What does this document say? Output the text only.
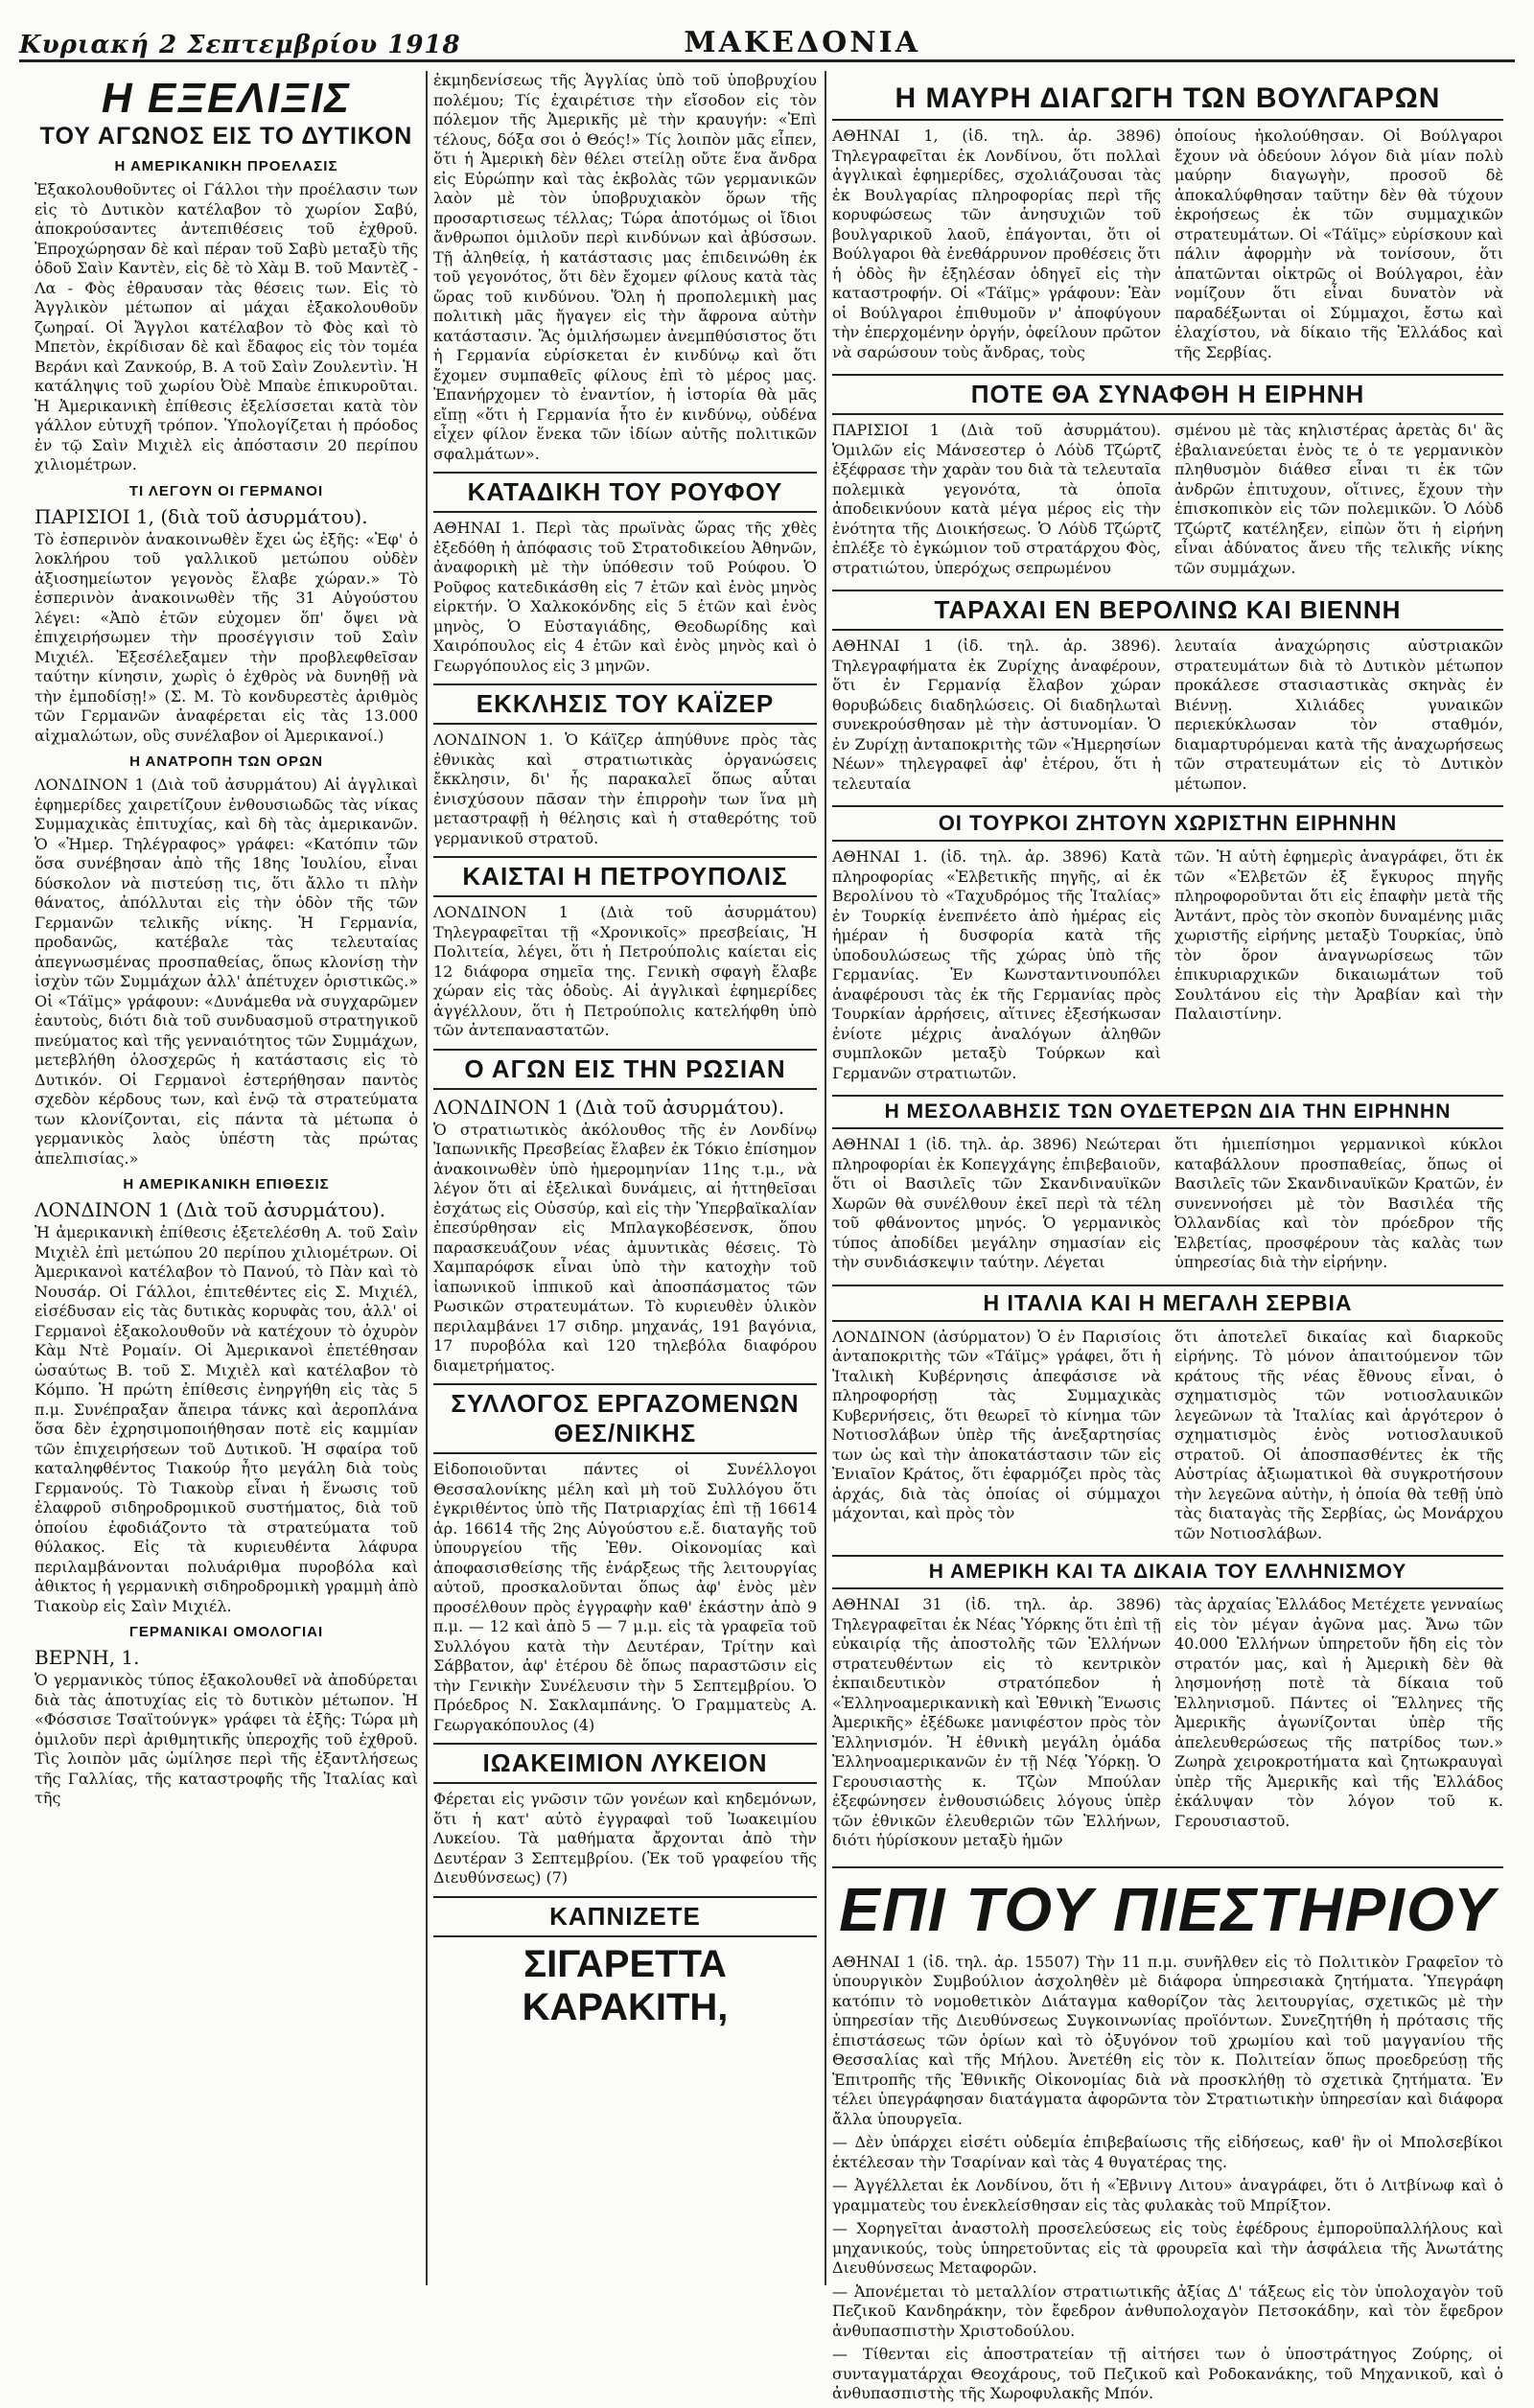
Κυριακή 2 Σεπτεμβρίου 1918	ΜΑΚΕΔΟΝΙΑ
Η ΕΞΕΛΙΞΙΣ
ΤΟΥ ΑΓΩΝΟΣ ΕΙΣ ΤΟ ΔΥΤΙΚΟΝ
Η ΑΜΕΡΙΚΑΝΙΚΗ ΠΡΟΕΛΑΣΙΣ

Ἐξακολουθοῦντες οἱ Γάλλοι τὴν προέλασιν των εἰς τὸ Δυτικὸν κατέλαβον τὸ χωρίον Σαβύ, ἀποκρούσαντες ἀντεπιθέσεις τοῦ ἐχθροῦ. Ἐπροχώρησαν δὲ καὶ πέραν τοῦ Σαβὺ μεταξὺ τῆς ὁδοῦ Σαὶν Καντὲν, εἰς δὲ τὸ Χὰμ Β. τοῦ Μαντὲζ - Λα - Φὸς ἐθραυσαν τὰς θέσεις των. Εἰς τὸ Ἀγγλικὸν μέτωπον αἱ μάχαι ἐξακολουθοῦν ζωηραί. Οἱ Ἄγγλοι κατέλαβον τὸ Φὸς καὶ τὸ Μπετὸν, ἐκρίδισαν δὲ καὶ ἔδαφος εἰς τὸν τομέα Βεράνι καὶ Ζανκούρ, Β. Α τοῦ Σαὶν Ζουλεντὶν. Ἡ κατάληψις τοῦ χωρίου Ὀὺὲ Μπαὺε ἐπικυροῦται. Ἡ Ἀμερικανικὴ ἐπίθεσις ἐξελίσσεται κατὰ τὸν γάλλον εὐτυχῆ τρόπον. Ὑπολογίζεται ἡ πρόοδος ἐν τῷ Σαὶν Μιχιὲλ εἰς ἀπόστασιν 20 περίπου χιλιομέτρων.

ΤΙ ΛΕΓΟΥΝ ΟΙ ΓΕΡΜΑΝΟΙ
ΠΑΡΙΣΙΟΙ 1, (διὰ τοῦ ἀσυρμάτου).

Τὸ ἑσπερινὸν ἀνακοινωθὲν ἔχει ὡς ἑξῆς: «Ἐφ' ὁ λοκλήρου τοῦ γαλλικοῦ μετώπου οὐδὲν ἀξιοσημείωτον γεγονὸς ἔλαβε χώραν.» Τὸ ἑσπερινὸν ἀνακοινωθὲν τῆς 31 Αὐγούστου λέγει: «Ἀπὸ ἐτῶν εὐχομεν ὅπ' ὄψει νὰ ἐπιχειρήσωμεν τὴν προσέγγισιν τοῦ Σαὶν Μιχιέλ. Ἐξεσέλεξαμεν τὴν προβλεφθεῖσαν ταύτην κίνησιν, χωρὶς ὁ ἐχθρὸς νὰ δυνηθῇ νὰ τὴν ἐμποδίσῃ!» (Σ. Μ. Τὸ κονδυρεστὲς ἀριθμὸς τῶν Γερμανῶν ἀναφέρεται εἰς τὰς 13.000 αἰχμαλώτων, οὓς συνέλαβον οἱ Ἀμερικανοί.)

Η ΑΝΑΤΡΟΠΗ ΤΩΝ ΟΡΩΝ

ΛΟΝΔΙΝΟΝ 1 (Διὰ τοῦ ἀσυρμάτου) Αἱ ἀγγλικαὶ ἐφημερίδες χαιρετίζουν ἐνθουσιωδῶς τὰς νίκας Συμμαχικὰς ἐπιτυχίας, καὶ δὴ τὰς ἀμερικανῶν. Ὁ «Ἡμερ. Τηλέγραφος» γράφει: «Κατόπιν τῶν ὅσα συνέβησαν ἀπὸ τῆς 18ης Ἰουλίου, εἶναι δύσκολον νὰ πιστεύσῃ τις, ὅτι ἄλλο τι πλὴν θάνατος, ἀπόλλυται εἰς τὴν ὁδὸν τῆς τῶν Γερμανῶν τελικῆς νίκης. Ἡ Γερμανία, προδανῶς, κατέβαλε τὰς τελευταίας ἀπεγνωσμένας προσπαθείας, ὅπως κλονίσῃ τὴν ἰσχὺν τῶν Συμμάχων ἀλλ' ἀπέτυχεν ὁριστικῶς.» Οἱ «Τάϊμς» γράφουν: «Δυνάμεθα νὰ συγχαρῶμεν ἑαυτοὺς, διότι διὰ τοῦ συνδυασμοῦ στρατηγικοῦ πνεύματος καὶ τῆς γενναιότητος τῶν Συμμάχων, μετεβλήθη ὁλοσχερῶς ἡ κατάστασις εἰς τὸ Δυτικόν. Οἱ Γερμανοὶ ἐστερήθησαν παντὸς σχεδὸν κέρδους των, καὶ ἐνῷ τὰ στρατεύματα των κλονίζονται, εἰς πάντα τὰ μέτωπα ὁ γερμανικὸς λαὸς ὑπέστη τὰς πρώτας ἀπελπισίας.»

Η ΑΜΕΡΙΚΑΝΙΚΗ ΕΠΙΘΕΣΙΣ
ΛΟΝΔΙΝΟΝ 1 (Διὰ τοῦ ἀσυρμάτου).

Ἡ ἀμερικανικὴ ἐπίθεσις ἐξετελέσθη Α. τοῦ Σαὶν Μιχιὲλ ἐπὶ μετώπου 20 περίπου χιλιομέτρων. Οἱ Ἀμερικανοὶ κατέλαβον τὸ Πανού, τὸ Πὰν καὶ τὸ Νουσάρ. Οἱ Γάλλοι, ἐπιτεθέντες εἰς Σ. Μιχιέλ, εἰσέδυσαν εἰς τὰς δυτικὰς κορυφὰς του, ἀλλ' οἱ Γερμανοὶ ἐξακολουθοῦν νὰ κατέχουν τὸ ὀχυρὸν Κὰμ Ντὲ Ρομαίν. Οἱ Ἀμερικανοὶ ἐπετέθησαν ὡσαύτως Β. τοῦ Σ. Μιχιὲλ καὶ κατέλαβον τὸ Κόμπο. Ἡ πρώτη ἐπίθεσις ἐνηργήθη εἰς τὰς 5 π.μ. Συνέπραξαν ἄπειρα τάνκς καὶ ἀεροπλάνα ὅσα δὲν ἐχρησιμοποιήθησαν ποτὲ εἰς καμμίαν τῶν ἐπιχειρήσεων τοῦ Δυτικοῦ. Ἡ σφαίρα τοῦ καταληφθέντος Τιακούρ ἦτο μεγάλη διὰ τοὺς Γερμανούς. Τὸ Τιακοὺρ εἶναι ἡ ἕνωσις τοῦ ἐλαφροῦ σιδηροδρομικοῦ συστήματος, διὰ τοῦ ὁποίου ἐφοδιάζοντο τὰ στρατεύματα τοῦ θύλακος. Εἰς τὰ κυριευθέντα λάφυρα περιλαμβάνονται πολυάριθμα πυροβόλα καὶ ἀθικτος ἡ γερμανικὴ σιδηροδρομικὴ γραμμὴ ἀπὸ Τιακοὺρ εἰς Σαὶν Μιχιέλ.

ΓΕΡΜΑΝΙΚΑΙ ΟΜΟΛΟΓΙΑΙ
ΒΕΡΝΗ, 1.

Ὁ γερμανικὸς τύπος ἐξακολουθεῖ νὰ ἀποδύρεται διὰ τὰς ἀποτυχίας εἰς τὸ δυτικὸν μέτωπον. Ἡ «Φόσσισε Τσαϊτούνγκ» γράφει τὰ ἑξῆς: Τώρα μὴ ὁμιλοῦν περὶ ἀριθμητικῆς ὑπεροχῆς τοῦ ἐχθροῦ. Τὶς λοιπὸν μᾶς ὡμίλησε περὶ τῆς ἐξαντλήσεως τῆς Γαλλίας, τῆς καταστροφῆς τῆς Ἰταλίας καὶ τῆς

ἐκμηδενίσεως τῆς Ἀγγλίας ὑπὸ τοῦ ὑποβρυχίου πολέμου; Τίς ἐχαιρέτισε τὴν εἴσοδον εἰς τὸν πόλεμον τῆς Ἀμερικῆς μὲ τὴν κραυγήν: «Ἐπὶ τέλους, δόξα σοι ὁ Θεός!» Τίς λοιπὸν μᾶς εἶπεν, ὅτι ἡ Ἀμερικὴ δὲν θέλει στείλῃ οὔτε ἕνα ἄνδρα εἰς Εὐρώπην καὶ τὰς ἐκβολὰς τῶν γερμανικῶν λαὸν μὲ τὸν ὑποβρυχιακὸν ὅρων τῆς προσαρτισεως τέλλας; Τώρα ἀποτόμως οἱ ἴδιοι ἄνθρωποι ὁμιλοῦν περὶ κινδύνων καὶ ἀβύσσων. Τῇ ἀληθείᾳ, ἡ κατάστασις μας ἐπιδεινώθη ἐκ τοῦ γεγονότος, ὅτι δὲν ἔχομεν φίλους κατὰ τὰς ὥρας τοῦ κινδύνου. Ὅλη ἡ προπολεμικὴ μας πολιτικὴ μᾶς ἤγαγεν εἰς τὴν ἄφρονα αὐτὴν κατάστασιν. Ἂς ὁμιλήσωμεν ἀνεμπθύσιστος ὅτι ἡ Γερμανία εὑρίσκεται ἐν κινδύνῳ καὶ ὅτι ἔχομεν συμπαθεῖς φίλους ἐπὶ τὸ μέρος μας. Ἐπανήρχομεν τὸ ἐναντίον, ἡ ἱστορία θὰ μᾶς εἴπῃ «ὅτι ἡ Γερμανία ἦτο ἐν κινδύνῳ, οὐδένα εἶχεν φίλον ἕνεκα τῶν ἰδίων αὐτῆς πολιτικῶν σφαλμάτων».

ΚΑΤΑΔΙΚΗ ΤΟΥ ΡΟΥΦΟΥ

ΑΘΗΝΑΙ 1. Περὶ τὰς πρωϊνὰς ὥρας τῆς χθὲς ἐξεδόθη ἡ ἀπόφασις τοῦ Στρατοδικείου Ἀθηνῶν, ἀναφορικὴ μὲ τὴν ὑπόθεσιν τοῦ Ρούφου. Ὁ Ροῦφος κατεδικάσθη εἰς 7 ἐτῶν καὶ ἑνὸς μηνὸς εἱρκτήν. Ὁ Χαλκοκόνδης εἰς 5 ἐτῶν καὶ ἑνὸς μηνὸς, Ὁ Εὐσταγιάδης, Θεοδωρίδης καὶ Χαιρόπουλος εἰς 4 ἐτῶν καὶ ἑνὸς μηνὸς καὶ ὁ Γεωργόπουλος εἰς 3 μηνῶν.

ΕΚΚΛΗΣΙΣ ΤΟΥ ΚΑΪΖΕΡ

ΛΟΝΔΙΝΟΝ 1. Ὁ Κάϊζερ ἀπηύθυνε πρὸς τὰς ἐθνικὰς καὶ στρατιωτικὰς ὀργανώσεις ἔκκλησιν, δι' ἧς παρακαλεῖ ὅπως αὗται ἐνισχύσουν πᾶσαν τὴν ἐπιρροὴν των ἵνα μὴ μεταστραφῇ ἡ θέλησις καὶ ἡ σταθερότης τοῦ γερμανικοῦ στρατοῦ.

ΚΑΙΣΤΑΙ Η ΠΕΤΡΟΥΠΟΛΙΣ

ΛΟΝΔΙΝΟΝ 1 (Διὰ τοῦ ἀσυρμάτου) Τηλεγραφεῖται τῇ «Χρονικοῖς» πρεσβείαις, Ἡ Πολιτεία, λέγει, ὅτι ἡ Πετρούπολις καίεται εἰς 12 διάφορα σημεῖα της. Γενικὴ σφαγὴ ἔλαβε χώραν εἰς τὰς ὁδοὺς. Αἱ ἀγγλικαὶ ἐφημερίδες ἀγγέλλουν, ὅτι ἡ Πετρούπολις κατελήφθη ὑπὸ τῶν ἀντεπαναστατῶν.

Ο ΑΓΩΝ ΕΙΣ ΤΗΝ ΡΩΣΙΑΝ
ΛΟΝΔΙΝΟΝ 1 (Διὰ τοῦ ἀσυρμάτου).

Ὁ στρατιωτικὸς ἀκόλουθος τῆς ἐν Λονδίνῳ Ἰαπωνικῆς Πρεσβείας ἔλαβεν ἐκ Τόκιο ἐπίσημον ἀνακοινωθὲν ὑπὸ ἡμερομηνίαν 11ης τ.μ., νὰ λέγον ὅτι αἱ ἐξελικαὶ δυνάμεις, αἱ ἡττηθεῖσαι ἐσχάτως εἰς Οὐσσύρ, καὶ εἰς τὴν Ὑπερβαϊκαλίαν ἐπεσύρθησαν εἰς Μπλαγκοβέσενσκ, ὅπου παρασκευάζουν νέας ἀμυντικὰς θέσεις. Τὸ Χαμπαρόφσκ εἶναι ὑπὸ τὴν κατοχὴν τοῦ ἰαπωνικοῦ ἱππικοῦ καὶ ἀποσπάσματος τῶν Ρωσικῶν στρατευμάτων. Τὸ κυριευθὲν ὑλικὸν περιλαμβάνει 17 σιδηρ. μηχανάς, 191 βαγόνια, 17 πυροβόλα καὶ 120 τηλεβόλα διαφόρου διαμετρήματος.

ΣΥΛΛΟΓΟΣ ΕΡΓΑΖΟΜΕΝΩΝ ΘΕΣ/ΝΙΚΗΣ

Εἰδοποιοῦνται πάντες οἱ Συνέλλογοι Θεσσαλονίκης μέλη καὶ μὴ τοῦ Συλλόγου ὅτι ἐγκριθέντος ὑπὸ τῆς Πατριαρχίας ἐπὶ τῇ 16614 ἀρ. 16614 τῆς 2ης Αὐγούστου ε.ἔ. διαταγῆς τοῦ ὑπουργείου τῆς Ἐθν. Οἰκονομίας καὶ ἀποφασισθείσης τῆς ἐνάρξεως τῆς λειτουργίας αὐτοῦ, προσκαλοῦνται ὅπως ἀφ' ἑνὸς μὲν προσέλθουν πρὸς ἐγγραφὴν καθ' ἑκάστην ἀπὸ 9 π.μ. — 12 καὶ ἀπὸ 5 — 7 μ.μ. εἰς τὰ γραφεῖα τοῦ Συλλόγου κατὰ τὴν Δευτέραν, Τρίτην καὶ Σάββατον, ἀφ' ἑτέρου δὲ ὅπως παραστῶσιν εἰς τὴν Γενικὴν Συνέλευσιν τὴν 5 Σεπτεμβρίου. Ὁ Πρόεδρος Ν. Σακλαμπάνης. Ὁ Γραμματεὺς Α. Γεωργακόπουλος (4)

ΙΩΑΚΕΙΜΙΟΝ ΛΥΚΕΙΟΝ

Φέρεται εἰς γνῶσιν τῶν γονέων καὶ κηδεμόνων, ὅτι ἡ κατ' αὐτὸ ἐγγραφαὶ τοῦ Ἰωακειμίου Λυκείου. Τὰ μαθήματα ἄρχονται ἀπὸ τὴν Δευτέραν 3 Σεπτεμβρίου. (Ἐκ τοῦ γραφείου τῆς Διευθύνσεως) (7)

ΚΑΠΝΙΖΕΤΕ
ΣΙΓΑΡΕΤΤΑ ΚΑΡΑΚΙΤΗ,
Η ΜΑΥΡΗ ΔΙΑΓΩΓΗ ΤΩΝ ΒΟΥΛΓΑΡΩΝ

ΑΘΗΝΑΙ 1, (ἰδ. τηλ. ἀρ. 3896) Τηλεγραφεῖται ἐκ Λονδίνου, ὅτι πολλαὶ ἀγγλικαὶ ἐφημερίδες, σχολιάζουσαι τὰς ἐκ Βουλγαρίας πληροφορίας περὶ τῆς κορυφώσεως τῶν ἀνησυχιῶν τοῦ βουλγαρικοῦ λαοῦ, ἐπάγονται, ὅτι οἱ Βούλγαροι θὰ ἐνεθάρρυνον προθέσεις ὅτι ἡ ὁδὸς ἣν ἐξηλέσαν ὁδηγεῖ εἰς τὴν καταστροφήν. Οἱ «Τάϊμς» γράφουν: Ἐὰν οἱ Βούλγαροι ἐπιθυμοῦν ν' ἀποφύγουν τὴν ἐπερχομένην ὀργήν, ὀφείλουν πρῶτον νὰ σαρώσουν τοὺς ἄνδρας, τοὺς

ὁποίους ἠκολούθησαν. Οἱ Βούλγαροι ἔχουν νὰ ὁδεύουν λόγον διὰ μίαν πολὺ μαύρην διαγωγὴν, προσοῦ δὲ ἀποκαλύφθησαν ταῦτην δὲν θὰ τύχουν ἐκροήσεως ἐκ τῶν συμμαχικῶν στρατευμάτων. Οἱ «Τάϊμς» εὑρίσκουν καὶ πάλιν ἀφορμὴν νὰ τονίσουν, ὅτι ἀπατῶνται οἰκτρῶς οἱ Βούλγαροι, ἐὰν νομίζουν ὅτι εἶναι δυνατὸν νὰ παραδέξωνται οἱ Σύμμαχοι, ἔστω καὶ ἐλαχίστου, νὰ δίκαιο τῆς Ἑλλάδος καὶ τῆς Σερβίας.

ΠΟΤΕ ΘΑ ΣΥΝΑΦΘΗ Η ΕΙΡΗΝΗ

ΠΑΡΙΣΙΟΙ 1 (Διὰ τοῦ ἀσυρμάτου). Ὁμιλῶν εἰς Μάνσεστερ ὁ Λόὺδ Τζώρτζ ἐξέφρασε τὴν χαρὰν του διὰ τὰ τελευταῖα πολεμικὰ γεγονότα, τὰ ὁποῖα ἀποδεικνύουν κατὰ μέγα μέρος εἰς τὴν ἑνότητα τῆς Διοικήσεως. Ὁ Λόὺδ Τζώρτζ ἐπλέξε τὸ ἐγκώμιον τοῦ στρατάρχου Φὸς, στρατιώτου, ὑπερόχως σεπρωμένου

σμένου μὲ τὰς κηλιστέρας ἀρετὰς δι' ἃς ἐβαλιανεύεται ἐνὸς τε ὁ τε γερμανικὸν πληθυσμὸν διάθεσ εἶναι τι ἐκ τῶν ἀνδρῶν ἐπιτυχουν, οἵτινες, ἔχουν τὴν ἐπισκοπικὸν εἰς τῶν πολεμικῶν. Ὁ Λόὺδ Τζώρτζ κατέληξεν, εἰπὼν ὅτι ἡ εἰρήνη εἶναι ἀδύνατος ἄνευ τῆς τελικῆς νίκης τῶν συμμάχων.

ΤΑΡΑΧΑΙ ΕΝ ΒΕΡΟΛΙΝΩ ΚΑΙ ΒΙΕΝΝΗ

ΑΘΗΝΑΙ 1 (ἰδ. τηλ. ἀρ. 3896). Τηλεγραφήματα ἐκ Ζυρίχης ἀναφέρουν, ὅτι ἐν Γερμανίᾳ ἔλαβον χώραν θορυβώδεις διαδηλώσεις. Οἱ διαδηλωταὶ συνεκρούσθησαν μὲ τὴν ἀστυνομίαν. Ὁ ἐν Ζυρίχῃ ἀνταποκριτὴς τῶν «Ἡμερησίων Νέων» τηλεγραφεῖ ἀφ' ἑτέρου, ὅτι ἡ τελευταία

λευταία ἀναχώρησις αὐστριακῶν στρατευμάτων διὰ τὸ Δυτικὸν μέτωπον προκάλεσε στασιαστικὰς σκηνὰς ἐν Βιέννῃ. Χιλιάδες γυναικῶν περιεκύκλωσαν τὸν σταθμόν, διαμαρτυρόμεναι κατὰ τῆς ἀναχωρήσεως τῶν στρατευμάτων εἰς τὸ Δυτικὸν μέτωπον.

ΟΙ ΤΟΥΡΚΟΙ ΖΗΤΟΥΝ ΧΩΡΙΣΤΗΝ ΕΙΡΗΝΗΝ

ΑΘΗΝΑΙ 1. (ἰδ. τηλ. ἀρ. 3896) Κατὰ πληροφορίας «Ἑλβετικῆς πηγῆς, αἱ ἐκ Βερολίνου τὸ «Ταχυδρόμος τῆς Ἰταλίας» ἐν Τουρκίᾳ ἐνεπνέετο ἀπὸ ἡμέρας εἰς ἡμέραν ἡ δυσφορία κατὰ τῆς ὑποδουλώσεως τῆς χώρας ὑπὸ τῆς Γερμανίας. Ἐν Κωνσταντινουπόλει ἀναφέρουσι τὰς ἐκ τῆς Γερμανίας πρὸς Τουρκίαν ἀρρήσεις, αἵτινες ἐξεσήκωσαν ἐνίοτε μέχρις ἀναλόγων ἀληθῶν συμπλοκῶν μεταξὺ Τούρκων καὶ Γερμανῶν στρατιωτῶν.

τῶν. Ἡ αὐτὴ ἐφημερὶς ἀναγράφει, ὅτι ἐκ τῶν «Ἑλβετῶν ἐξ ἔγκυρος πηγῆς πληροφοροῦνται ὅτι εἰς ἐπαφὴν μετὰ τῆς Ἀντάντ, πρὸς τὸν σκοπὸν δυναμένης μιᾶς χωριστῆς εἰρήνης μεταξὺ Τουρκίας, ὑπὸ τὸν ὅρον ἀναγνωρίσεως τῶν ἐπικυριαρχικῶν δικαιωμάτων τοῦ Σουλτάνου εἰς τὴν Ἀραβίαν καὶ τὴν Παλαιστίνην.

Η ΜΕΣΟΛΑΒΗΣΙΣ ΤΩΝ ΟΥΔΕΤΕΡΩΝ ΔΙΑ ΤΗΝ ΕΙΡΗΝΗΝ

ΑΘΗΝΑΙ 1 (ἰδ. τηλ. ἀρ. 3896) Νεώτεραι πληροφορίαι ἐκ Κοπεγχάγης ἐπιβεβαιοῦν, ὅτι οἱ Βασιλεῖς τῶν Σκανδιναυϊκῶν Χωρῶν θὰ συνέλθουν ἐκεῖ περὶ τὰ τέλη τοῦ φθάνοντος μηνός. Ὁ γερμανικὸς τύπος ἀποδίδει μεγάλην σημασίαν εἰς τὴν συνδιάσκεψιν ταύτην. Λέγεται

ὅτι ἡμιεπίσημοι γερμανικοὶ κύκλοι καταβάλλουν προσπαθείας, ὅπως οἱ Βασιλεῖς τῶν Σκανδιναυϊκῶν Κρατῶν, ἐν συνεννοήσει μὲ τὸν Βασιλέα τῆς Ὀλλανδίας καὶ τὸν πρόεδρον τῆς Ἑλβετίας, προσφέρουν τὰς καλὰς των ὑπηρεσίας διὰ τὴν εἰρήνην.

Η ΙΤΑΛΙΑ ΚΑΙ Η ΜΕΓΑΛΗ ΣΕΡΒΙΑ

ΛΟΝΔΙΝΟΝ (ἀσύρματον) Ὁ ἐν Παρισίοις ἀνταποκριτὴς τῶν «Τάϊμς» γράφει, ὅτι ἡ Ἰταλικὴ Κυβέρνησις ἀπεφάσισε νὰ πληροφορήσῃ τὰς Συμμαχικὰς Κυβερνήσεις, ὅτι θεωρεῖ τὸ κίνημα τῶν Νοτιοσλάβων ὑπὲρ τῆς ἀνεξαρτησίας των ὡς καὶ τὴν ἀποκατάστασιν τῶν εἰς Ἑνιαῖον Κράτος, ὅτι ἐφαρμόζει πρὸς τὰς ἀρχάς, διὰ τὰς ὁποίας οἱ σύμμαχοι μάχονται, καὶ πρὸς τὸν

ὅτι ἀποτελεῖ δικαίας καὶ διαρκοῦς εἰρήνης. Τὸ μόνον ἀπαιτούμενον τῶν κράτους τῆς νέας ἔθνους εἶναι, ὁ σχηματισμὸς τῶν νοτιοσλαυικῶν λεγεῶνων τὰ Ἰταλίας καὶ ἀργότερον ὁ σχηματισμὸς ἑνὸς νοτιοσλαυικοῦ στρατοῦ. Οἱ ἀποσπασθέντες ἐκ τῆς Αὐστρίας ἀξιωματικοὶ θὰ συγκροτήσουν τὴν λεγεῶνα αὐτὴν, ἡ ὁποία θὰ τεθῇ ὑπὸ τὰς διαταγὰς τῆς Σερβίας, ὡς Μονάρχου τῶν Νοτιοσλάβων.

Η ΑΜΕΡΙΚΗ ΚΑΙ ΤΑ ΔΙΚΑΙΑ ΤΟΥ ΕΛΛΗΝΙΣΜΟΥ

ΑΘΗΝΑΙ 31 (ἰδ. τηλ. ἀρ. 3896) Τηλεγραφεῖται ἐκ Νέας Ὑόρκης ὅτι ἐπὶ τῇ εὐκαιρίᾳ τῆς ἀποστολῆς τῶν Ἑλλήνων στρατευθέντων εἰς τὸ κεντρικὸν ἐκπαιδευτικὸν στρατόπεδον ἡ «Ἑλληνοαμερικανικὴ καὶ Ἐθνικὴ Ἕνωσις Ἀμερικῆς» ἐξέδωκε μανιφέστον πρὸς τὸν Ἑλληνισμόν. Ἡ ἐθνικὴ μεγάλη ὁμάδα Ἑλληνοαμερικανῶν ἐν τῇ Νέᾳ Ὑόρκῃ. Ὁ Γερουσιαστὴς κ. Τζὼν Μπούλαν ἐξεφώνησεν ἐνθουσιώδεις λόγους ὑπὲρ τῶν ἐθνικῶν ἐλευθεριῶν τῶν Ἑλλήνων, διότι ἠύρίσκουν μεταξὺ ἡμῶν

τὰς ἀρχαίας Ἑλλάδος Μετέχετε γενναίως εἰς τὸν μέγαν ἀγῶνα μας. Ἄνω τῶν 40.000 Ἑλλήνων ὑπηρετοῦν ἤδη εἰς τὸν στρατόν μας, καὶ ἡ Ἀμερικὴ δὲν θὰ λησμονήσῃ ποτὲ τὰ δίκαια τοῦ Ἑλληνισμοῦ. Πάντες οἱ Ἕλληνες τῆς Ἀμερικῆς ἀγωνίζονται ὑπὲρ τῆς ἀπελευθερώσεως τῆς πατρίδος των.» Ζωηρὰ χειροκροτήματα καὶ ζητωκραυγαὶ ὑπὲρ τῆς Ἀμερικῆς καὶ τῆς Ἑλλάδος ἐκάλυψαν τὸν λόγον τοῦ κ. Γερουσιαστοῦ.

ΕΠΙ ΤΟΥ ΠΙΕΣΤΗΡΙΟΥ

ΑΘΗΝΑΙ 1 (ἰδ. τηλ. ἀρ. 15507) Τὴν 11 π.μ. συνῆλθεν εἰς τὸ Πολιτικὸν Γραφεῖον τὸ ὑπουργικὸν Συμβούλιον ἀσχοληθὲν μὲ διάφορα ὑπηρεσιακὰ ζητήματα. Ὑπεγράφη κατόπιν τὸ νομοθετικὸν Διάταγμα καθορίζον τὰς λειτουργίας, σχετικῶς μὲ τὴν ὑπηρεσίαν τῆς Διευθύνσεως Συγκοινωνίας προϊόντων. Συνεζητήθη ἡ πρότασις τῆς ἐπιστάσεως τῶν ὁρίων καὶ τὸ ὀξυγόνον τοῦ χρωμίου καὶ τοῦ μαγγανίου τῆς Θεσσαλίας καὶ τῆς Μήλου. Ἀνετέθη εἰς τὸν κ. Πολιτείαν ὅπως προεδρεύσῃ τῆς Ἐπιτροπῆς τῆς Ἐθνικῆς Οἰκονομίας διὰ νὰ προσκλήθῃ τὸ σχετικὰ ζητήματα. Ἐν τέλει ὑπεγράφησαν διατάγματα ἀφορῶντα τὸν Στρατιωτικὴν ὑπηρεσίαν καὶ διάφορα ἄλλα ὑπουργεῖα.

— Δὲν ὑπάρχει εἰσέτι οὐδεμία ἐπιβεβαίωσις τῆς εἰδήσεως, καθ' ἣν οἱ Μπολσεβίκοι ἐκτέλεσαν τὴν Τσαρίναν καὶ τὰς 4 θυγατέρας της.

— Ἀγγέλλεται ἐκ Λονδίνου, ὅτι ἡ «Ἐβνινγ Λιτου» ἀναγράφει, ὅτι ὁ Λιτβίνωφ καὶ ὁ γραμματεὺς του ἐνεκλείσθησαν εἰς τὰς φυλακὰς τοῦ Μπρίξτον.

— Χορηγεῖται ἀναστολὴ προσελεύσεως εἰς τοὺς ἐφέδρους ἐμποροϋπαλλήλους καὶ μηχανικούς, τοὺς ὑπηρετοῦντας εἰς τὰ φρουρεῖα καὶ τὴν ἀσφάλεια τῆς Ἀνωτάτης Διευθύνσεως Μεταφορῶν.

— Ἀπονέμεται τὸ μεταλλίον στρατιωτικῆς ἀξίας Δ' τάξεως εἰς τὸν ὑπολοχαγὸν τοῦ Πεζικοῦ Κανδηράκην, τὸν ἔφεδρον ἀνθυπολοχαγὸν Πετσοκάδην, καὶ τὸν ἔφεδρον ἀνθυπασπιστὴν Χριστοδούλου.

— Τίθενται εἰς ἀποστρατείαν τῇ αἰτήσει των ὁ ὑποστράτηγος Ζούρης, οἱ συνταγματάρχαι Θεοχάρους, τοῦ Πεζικοῦ καὶ Ροδοκανάκης, τοῦ Μηχανικοῦ, καὶ ὁ ἀνθυπασπιστὴς τῆς Χωροφυλακῆς Μπόν.
